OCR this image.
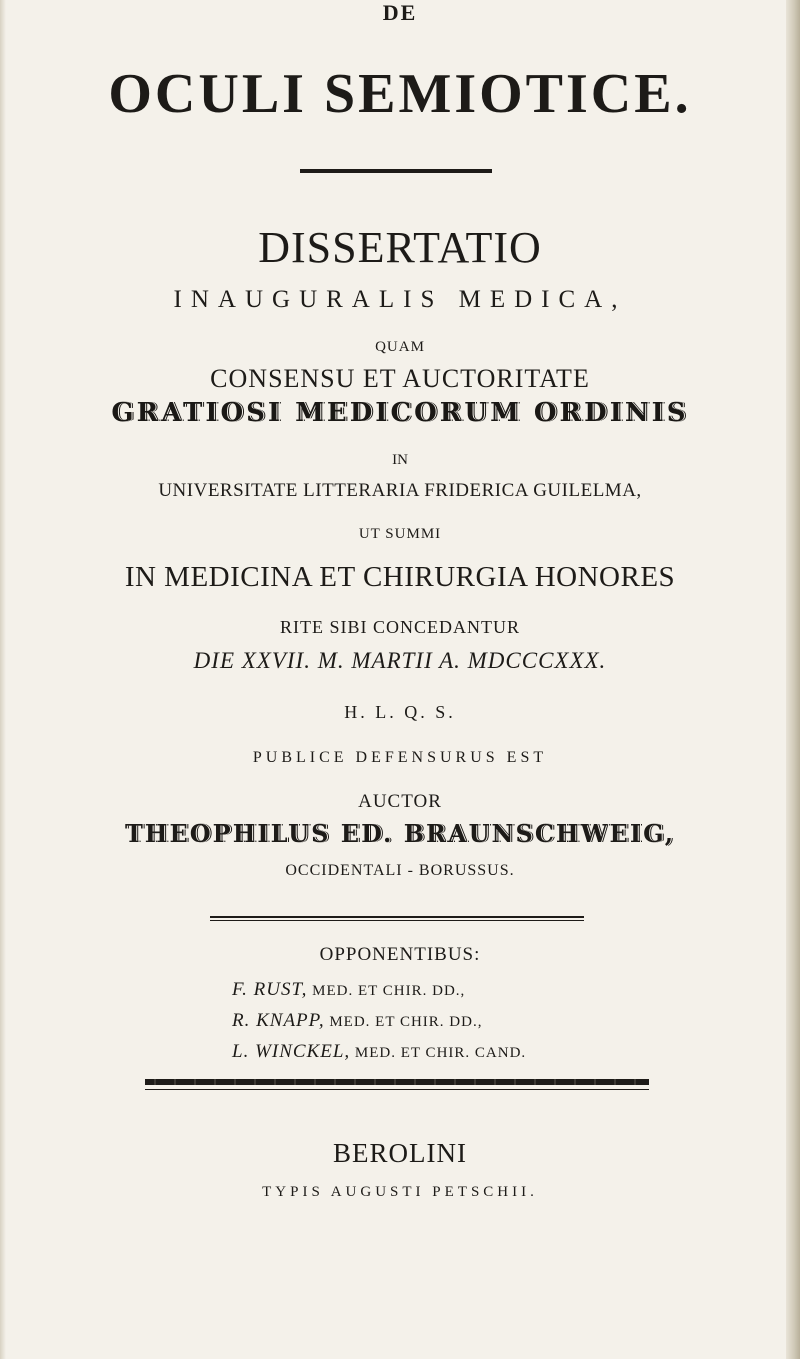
DE
OCULI SEMIOTICE.
DISSERTATIO
INAUGURALIS MEDICA,
QUAM
CONSENSU ET AUCTORITATE
GRATIOSI MEDICORUM ORDINIS
IN
UNIVERSITATE LITTERARIA FRIDERICA GUILELMA,
UT SUMMI
IN MEDICINA ET CHIRURGIA HONORES
RITE SIBI CONCEDANTUR
DIE XXVII. M. MARTII A. MDCCCXXX.
H. L. Q. S.
PUBLICE DEFENSURUS EST
AUCTOR
THEOPHILUS ED. BRAUNSCHWEIG,
OCCIDENTALI - BORUSSUS.
OPPONENTIBUS:
F. RUST, MED. ET CHIR. DD.,
R. KNAPP, MED. ET CHIR. DD.,
L. WINCKEL, MED. ET CHIR. CAND.
BEROLINI
TYPIS AUGUSTI PETSCHII.
